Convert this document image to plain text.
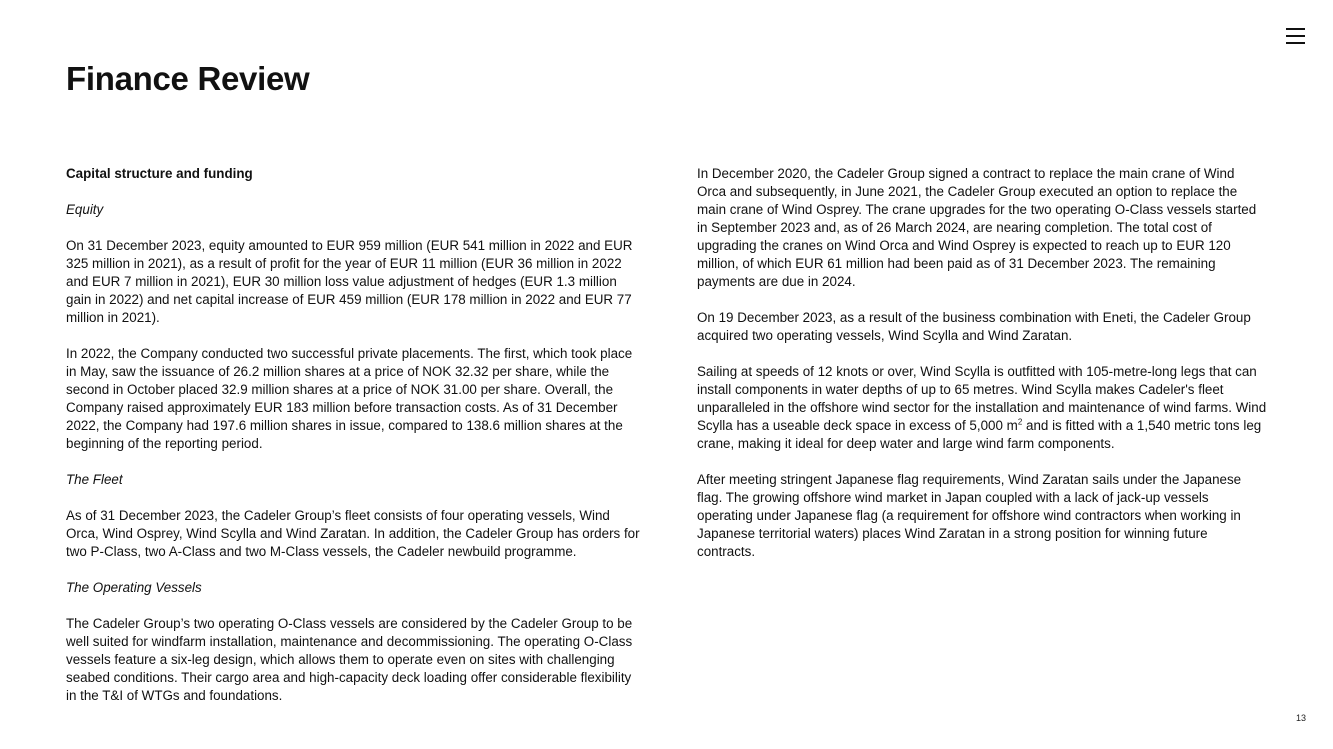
Finance Review

Capital structure and funding

Equity

On 31 December 2023, equity amounted to EUR 959 million (EUR 541 million in 2022 and EUR 325 million in 2021), as a result of profit for the year of EUR 11 million (EUR 36 million in 2022 and EUR 7 million in 2021), EUR 30 million loss value adjustment of hedges (EUR 1.3 million gain in 2022) and net capital increase of EUR 459 million (EUR 178 million in 2022 and EUR 77 million in 2021).

In 2022, the Company conducted two successful private placements. The first, which took place in May, saw the issuance of 26.2 million shares at a price of NOK 32.32 per share, while the second in October placed 32.9 million shares at a price of NOK 31.00 per share. Overall, the Company raised approximately EUR 183 million before transaction costs. As of 31 December 2022, the Company had 197.6 million shares in issue, compared to 138.6 million shares at the beginning of the reporting period.

The Fleet

As of 31 December 2023, the Cadeler Group’s fleet consists of four operating vessels, Wind Orca, Wind Osprey, Wind Scylla and Wind Zaratan. In addition, the Cadeler Group has orders for two P-Class, two A-Class and two M-Class vessels, the Cadeler newbuild programme.

The Operating Vessels

The Cadeler Group’s two operating O-Class vessels are considered by the Cadeler Group to be well suited for windfarm installation, maintenance and decommissioning. The operating O-Class vessels feature a six-leg design, which allows them to operate even on sites with challenging seabed conditions. Their cargo area and high-capacity deck loading offer considerable flexibility in the T&I of WTGs and foundations.

In December 2020, the Cadeler Group signed a contract to replace the main crane of Wind Orca and subsequently, in June 2021, the Cadeler Group executed an option to replace the main crane of Wind Osprey. The crane upgrades for the two operating O-Class vessels started in September 2023 and, as of 26 March 2024, are nearing completion. The total cost of upgrading the cranes on Wind Orca and Wind Osprey is expected to reach up to EUR 120 million, of which EUR 61 million had been paid as of 31 December 2023. The remaining payments are due in 2024.

On 19 December 2023, as a result of the business combination with Eneti, the Cadeler Group acquired two operating vessels, Wind Scylla and Wind Zaratan.

Sailing at speeds of 12 knots or over, Wind Scylla is outfitted with 105-metre-long legs that can install components in water depths of up to 65 metres. Wind Scylla makes Cadeler's fleet unparalleled in the offshore wind sector for the installation and maintenance of wind farms. Wind Scylla has a useable deck space in excess of 5,000 $m^2$ and is fitted with a 1,540 metric tons leg crane, making it ideal for deep water and large wind farm components.

After meeting stringent Japanese flag requirements, Wind Zaratan sails under the Japanese flag. The growing offshore wind market in Japan coupled with a lack of jack-up vessels operating under Japanese flag (a requirement for offshore wind contractors when working in Japanese territorial waters) places Wind Zaratan in a strong position for winning future contracts.

13
